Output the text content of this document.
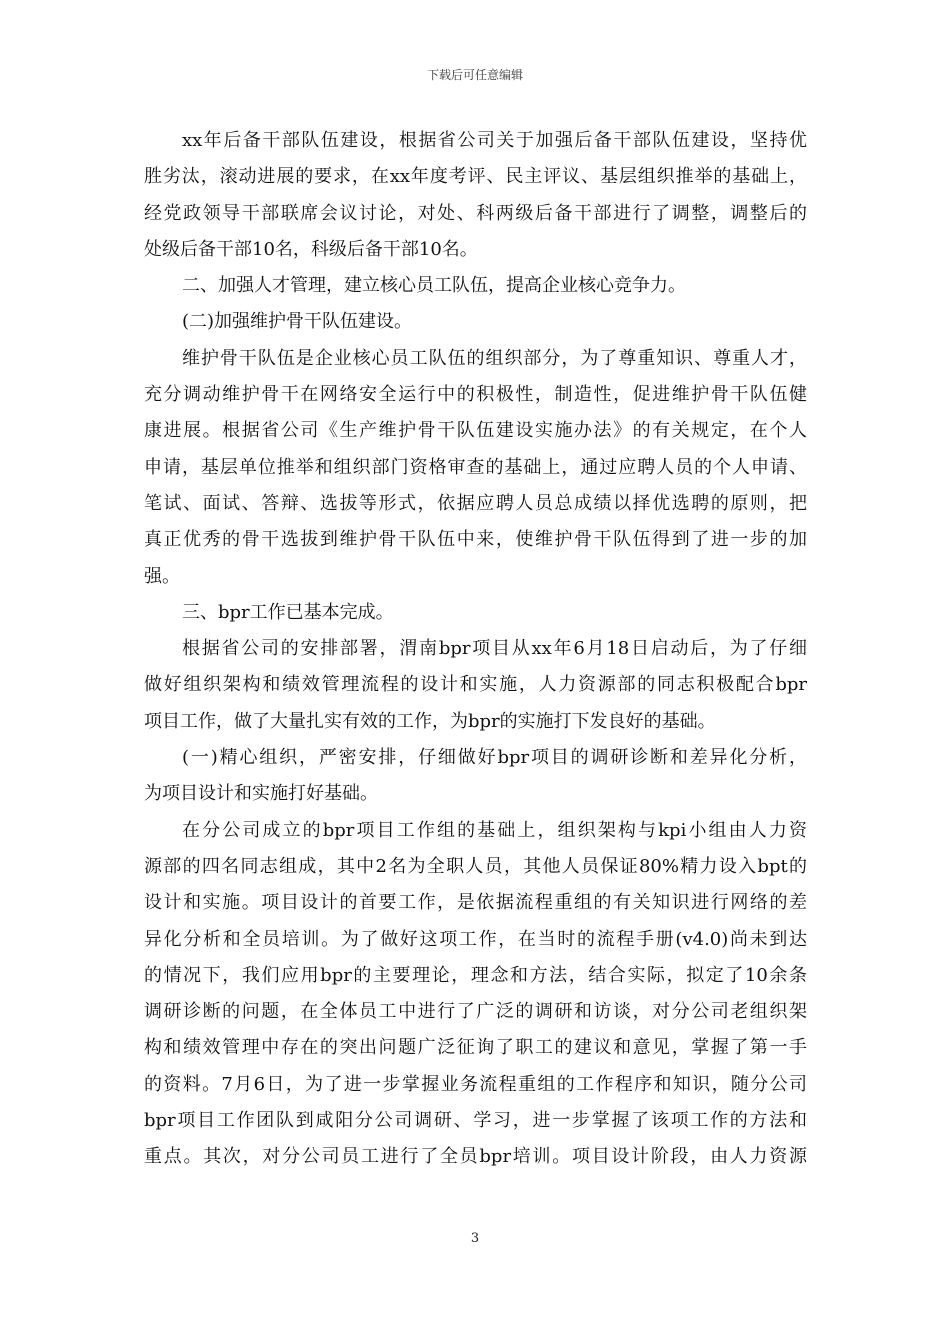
下载后可任意编辑
xx年后备干部队伍建设，根据省公司关于加强后备干部队伍建设，坚持优
胜劣汰，滚动进展的要求，在xx年度考评、民主评议、基层组织推举的基础上，
经党政领导干部联席会议讨论，对处、科两级后备干部进行了调整，调整后的
处级后备干部10名，科级后备干部10名。
二、加强人才管理，建立核心员工队伍，提高企业核心竞争力。
(二)加强维护骨干队伍建设。
维护骨干队伍是企业核心员工队伍的组织部分，为了尊重知识、尊重人才，
充分调动维护骨干在网络安全运行中的积极性，制造性，促进维护骨干队伍健
康进展。根据省公司《生产维护骨干队伍建设实施办法》的有关规定，在个人
申请，基层单位推举和组织部门资格审查的基础上，通过应聘人员的个人申请、
笔试、面试、答辩、选拔等形式，依据应聘人员总成绩以择优选聘的原则，把
真正优秀的骨干选拔到维护骨干队伍中来，使维护骨干队伍得到了进一步的加
强。
三、bpr工作已基本完成。
根据省公司的安排部署，渭南bpr项目从xx年6月18日启动后，为了仔细
做好组织架构和绩效管理流程的设计和实施，人力资源部的同志积极配合bpr
项目工作，做了大量扎实有效的工作，为bpr的实施打下发良好的基础。
(一)精心组织，严密安排，仔细做好bpr项目的调研诊断和差异化分析，
为项目设计和实施打好基础。
在分公司成立的bpr项目工作组的基础上，组织架构与kpi小组由人力资
源部的四名同志组成，其中2名为全职人员，其他人员保证80%精力设入bpt的
设计和实施。项目设计的首要工作，是依据流程重组的有关知识进行网络的差
异化分析和全员培训。为了做好这项工作，在当时的流程手册(v4.0)尚未到达
的情况下，我们应用bpr的主要理论，理念和方法，结合实际，拟定了10余条
调研诊断的问题，在全体员工中进行了广泛的调研和访谈，对分公司老组织架
构和绩效管理中存在的突出问题广泛征询了职工的建议和意见，掌握了第一手
的资料。7月6日，为了进一步掌握业务流程重组的工作程序和知识，随分公司
bpr项目工作团队到咸阳分公司调研、学习，进一步掌握了该项工作的方法和
重点。其次，对分公司员工进行了全员bpr培训。项目设计阶段，由人力资源
3
